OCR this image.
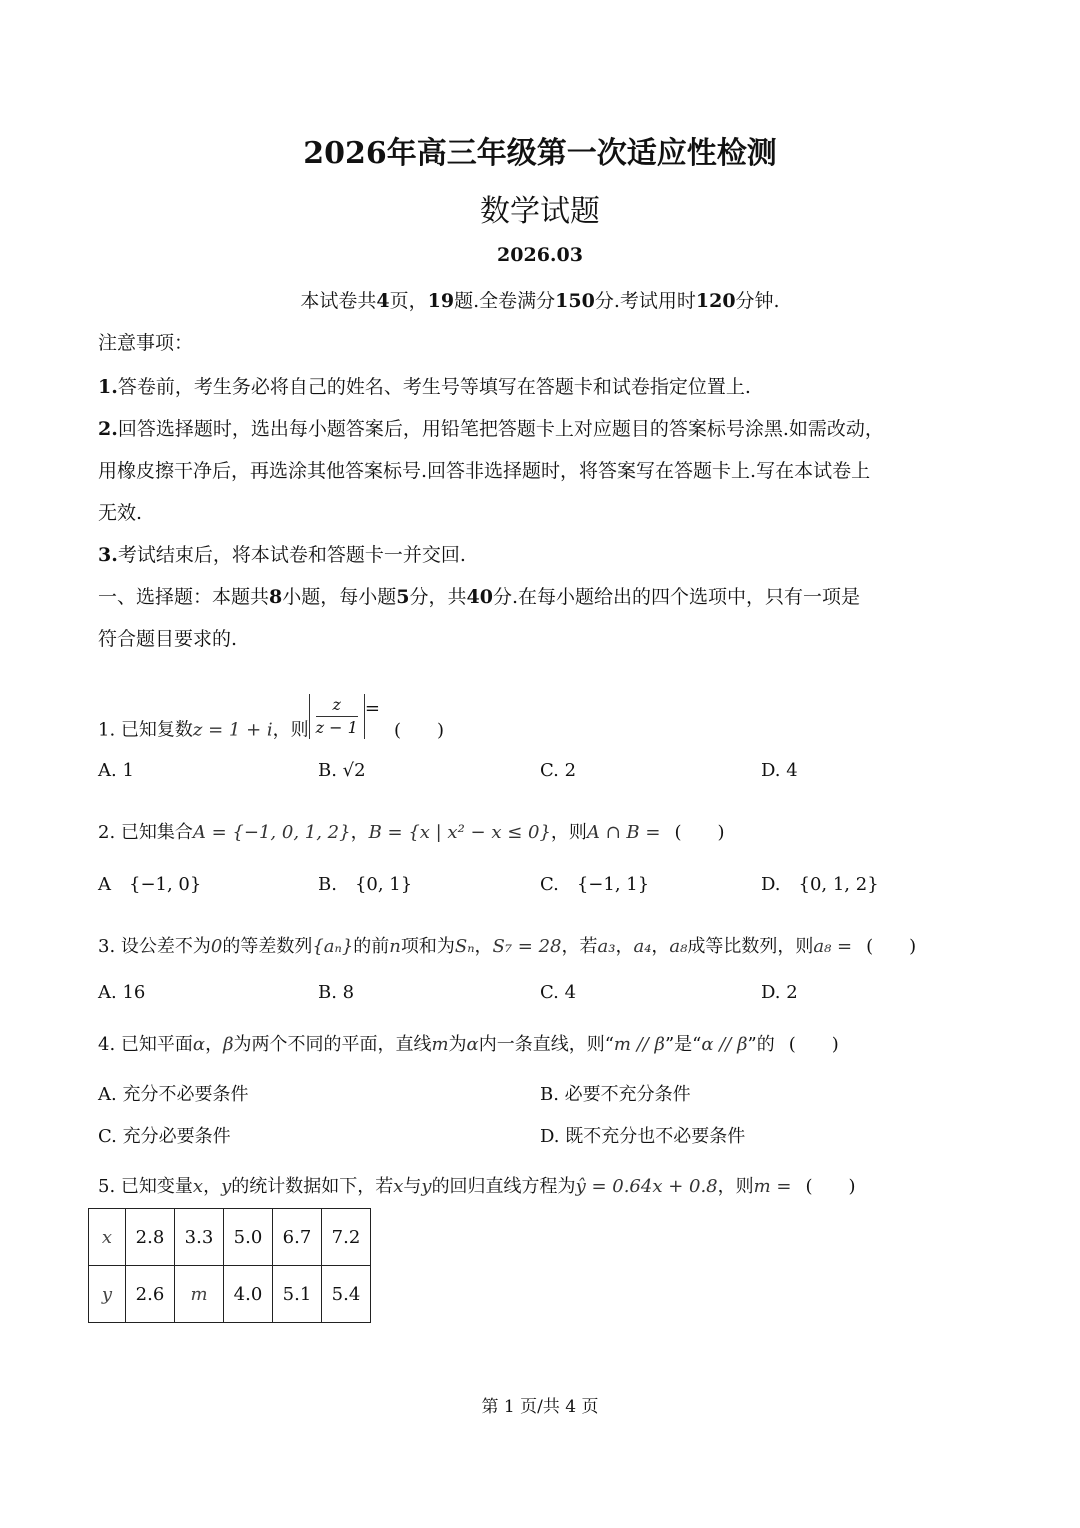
2026年高三年级第一次适应性检测
数学试题
2026.03
本试卷共4页，19题.全卷满分150分.考试用时120分钟.
注意事项：
1.答卷前，考生务必将自己的姓名、考生号等填写在答题卡和试卷指定位置上.
2.回答选择题时，选出每小题答案后，用铅笔把答题卡上对应题目的答案标号涂黑.如需改动，
用橡皮擦干净后，再选涂其他答案标号.回答非选择题时，将答案写在答题卡上.写在本试卷上
无效.
3.考试结束后，将本试卷和答题卡一并交回.
一、选择题：本题共8小题，每小题5分，共40分.在每小题给出的四个选项中，只有一项是
符合题目要求的.
1. 已知复数z = 1 + i，则 $\frac{z}{z - 1}$ =(　　)
A. 1	B. √2	C. 2	D. 4
2. 已知集合A = {−1, 0, 1, 2}，B = {x | x² − x ≤ 0}，则A ∩ B = (　　)
A　{−1, 0}	B.　{0, 1}	C.　{−1, 1}	D.　{0, 1, 2}
3. 设公差不为0的等差数列{aₙ}的前n项和为Sₙ，S₇ = 28，若a₃，a₄，a₈成等比数列，则a₈ = (　　)
A. 16	B. 8	C. 4	D. 2
4. 已知平面α，β为两个不同的平面，直线m为α内一条直线，则“m // β”是“α // β”的 (　　)
A. 充分不必要条件	B. 必要不充分条件
C. 充分必要条件	D. 既不充分也不必要条件
5. 已知变量x，y的统计数据如下，若x与y的回归直线方程为ŷ = 0.64x + 0.8，则m = (　　)
x	2.8	3.3	5.0	6.7	7.2
y	2.6	m	4.0	5.1	5.4
第 1 页/共 4 页
